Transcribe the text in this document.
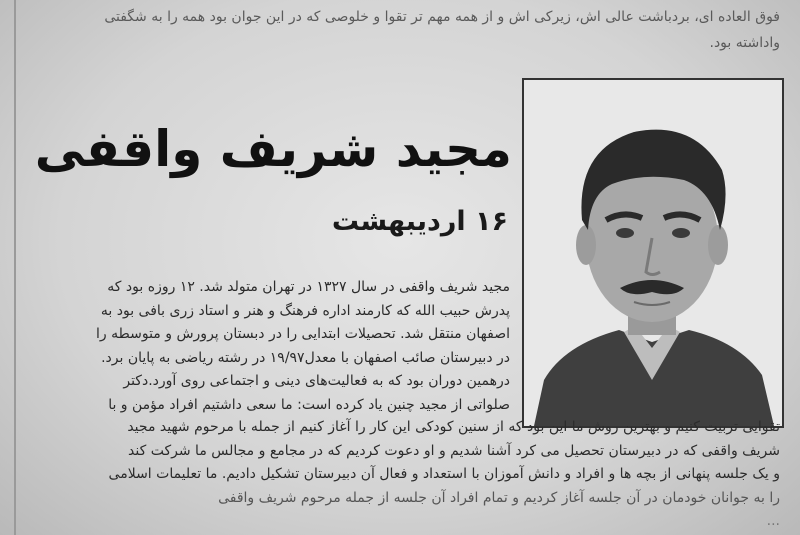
فوق العاده ای، بردباشت عالی اش، زیرکی اش و از همه مهم تر تقوا و خلوصی که در این جوان بود همه را به شگفتی
واداشته بود.
مجید شریف واقفی
۱۶ اردیبهشت
مجید شریف واقفی در سال ۱۳۲۷ در تهران متولد شد. ۱۲ روزه بود که
پدرش حبیب الله که کارمند اداره فرهنگ و هنر و استاد زری بافی بود به
اصفهان منتقل شد. تحصیلات ابتدایی را در دبستان پرورش و متوسطه را
در دبیرستان صائب اصفهان با معدل۱۹/۹۷ در رشته ریاضی به پایان برد.
درهمین دوران بود که به فعالیت‌های دینی و اجتماعی روی آورد.دکتر
صلواتی از مجید چنین یاد کرده است: ما سعی داشتیم افراد مؤمن و با
تقوایی تربیت کنیم و بهترین روش ما این بود که از سنین کودکی این کار را آغاز کنیم از جمله با مرحوم شهید مجید
شریف واقفی که در دبیرستان تحصیل می کرد آشنا شدیم و او دعوت کردیم که در مجامع و مجالس ما شرکت کند
و یک جلسه پنهانی از بچه ها و افراد و دانش آموزان با استعداد و فعال آن دبیرستان تشکیل دادیم. ما تعلیمات اسلامی
را به جوانان خودمان در آن جلسه آغاز کردیم و تمام افراد آن جلسه از جمله مرحوم شریف واقفی
...
